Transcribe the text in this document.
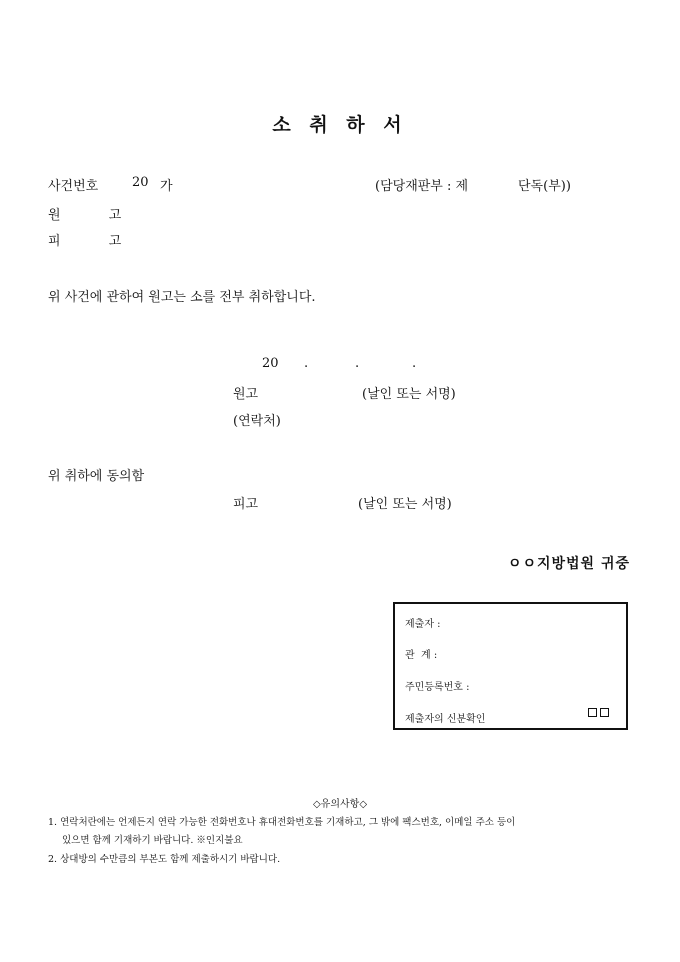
소 취 하 서
사건번호	20 가	(담당재판부 : 제	단독(부))
원 고
피 고
위 사건에 관하여 원고는 소를 전부 취하합니다.
20 .	.	.
원고	(날인 또는 서명)
(연락처)
위 취하에 동의함
피고	(날인 또는 서명)
ㅇㅇ지방법원 귀중
제출자 :
관  계 :
주민등록번호 :
제출자의 신분확인
◇유의사항◇
1. 연락처란에는 언제든지 연락 가능한 전화번호나 휴대전화번호를 기재하고, 그 밖에 팩스번호, 이메일 주소 등이
있으면 함께 기재하기 바랍니다. ※인지불요
2. 상대방의 수만큼의 부본도 함께 제출하시기 바랍니다.
